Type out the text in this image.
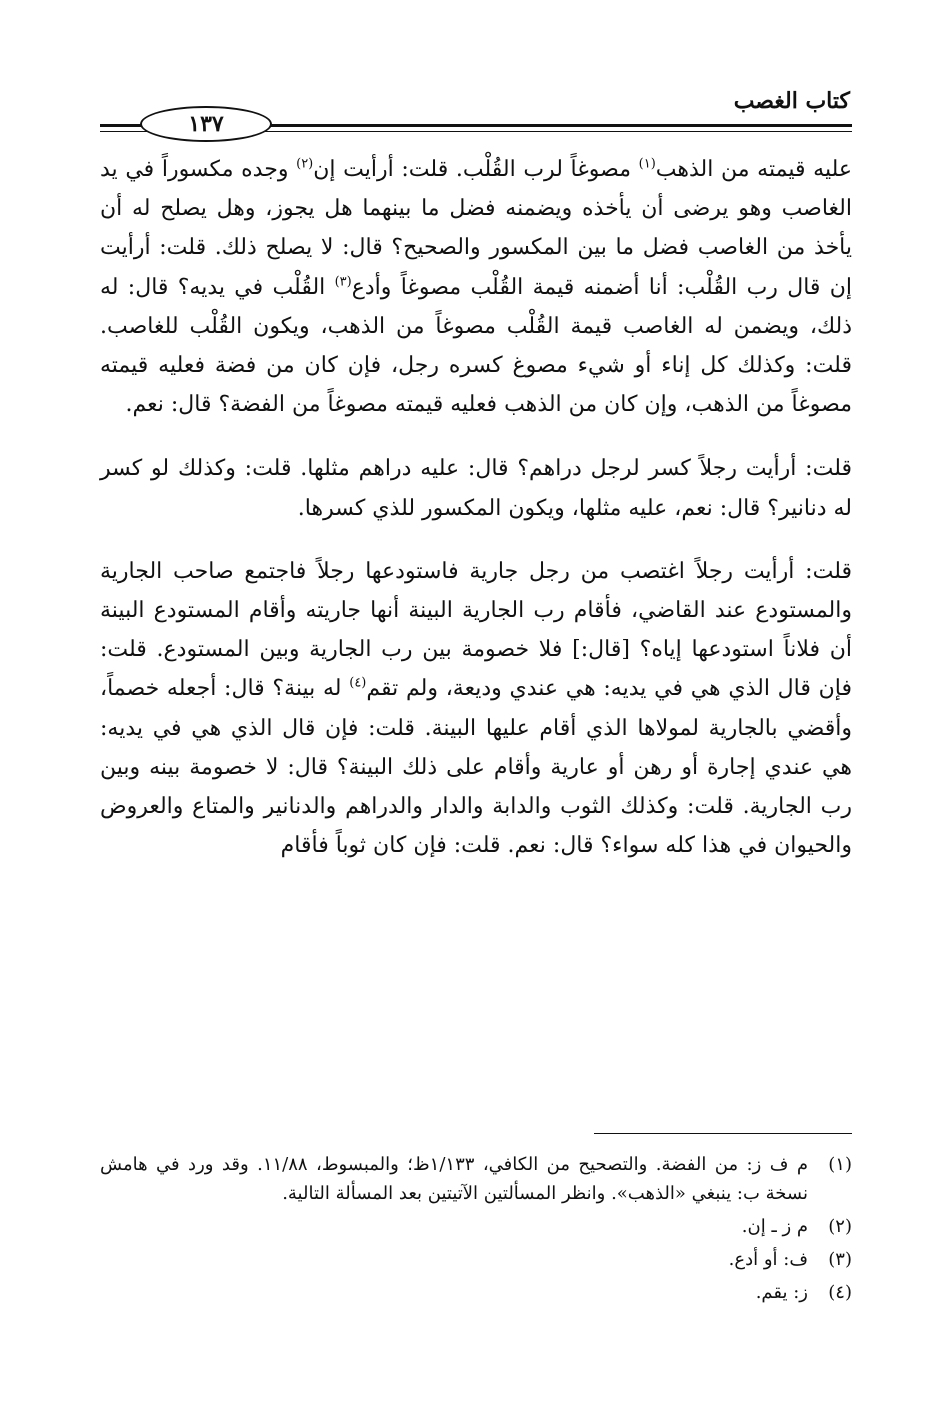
١٣٧
كتاب الغصب

عليه قيمته من الذهب$^{(١)}$ مصوغاً لرب القُلْب. قلت: أرأيت إن$^{(٢)}$ وجده مكسوراً في يد الغاصب وهو يرضى أن يأخذه ويضمنه فضل ما بينهما هل يجوز، وهل يصلح له أن يأخذ من الغاصب فضل ما بين المكسور والصحيح؟ قال: لا يصلح ذلك. قلت: أرأيت إن قال رب القُلْب: أنا أضمنه قيمة القُلْب مصوغاً وأدع$^{(٣)}$ القُلْب في يديه؟ قال: له ذلك، ويضمن له الغاصب قيمة القُلْب مصوغاً من الذهب، ويكون القُلْب للغاصب. قلت: وكذلك كل إناء أو شيء مصوغ كسره رجل، فإن كان من فضة فعليه قيمته مصوغاً من الذهب، وإن كان من الذهب فعليه قيمته مصوغاً من الفضة؟ قال: نعم.

قلت: أرأيت رجلاً كسر لرجل دراهم؟ قال: عليه دراهم مثلها. قلت: وكذلك لو كسر له دنانير؟ قال: نعم، عليه مثلها، ويكون المكسور للذي كسرها.

قلت: أرأيت رجلاً اغتصب من رجل جارية فاستودعها رجلاً فاجتمع صاحب الجارية والمستودع عند القاضي، فأقام رب الجارية البينة أنها جاريته وأقام المستودع البينة أن فلاناً استودعها إياه؟ [قال:] فلا خصومة بين رب الجارية وبين المستودع. قلت: فإن قال الذي هي في يديه: هي عندي وديعة، ولم تقم$^{(٤)}$ له بينة؟ قال: أجعله خصماً، وأقضي بالجارية لمولاها الذي أقام عليها البينة. قلت: فإن قال الذي هي في يديه: هي عندي إجارة أو رهن أو عارية وأقام على ذلك البينة؟ قال: لا خصومة بينه وبين رب الجارية. قلت: وكذلك الثوب والدابة والدار والدراهم والدنانير والمتاع والعروض والحيوان في هذا كله سواء؟ قال: نعم. قلت: فإن كان ثوباً فأقام

(١)
م ف ز: من الفضة. والتصحيح من الكافي، ١/١٣٣ظ؛ والمبسوط، ١١/٨٨. وقد ورد في هامش نسخة ب: ينبغي «الذهب». وانظر المسألتين الآتيتين بعد المسألة التالية.
(٢)
م ز ـ إن.
(٣)
ف: أو أدع.
(٤)
ز: يقم.
